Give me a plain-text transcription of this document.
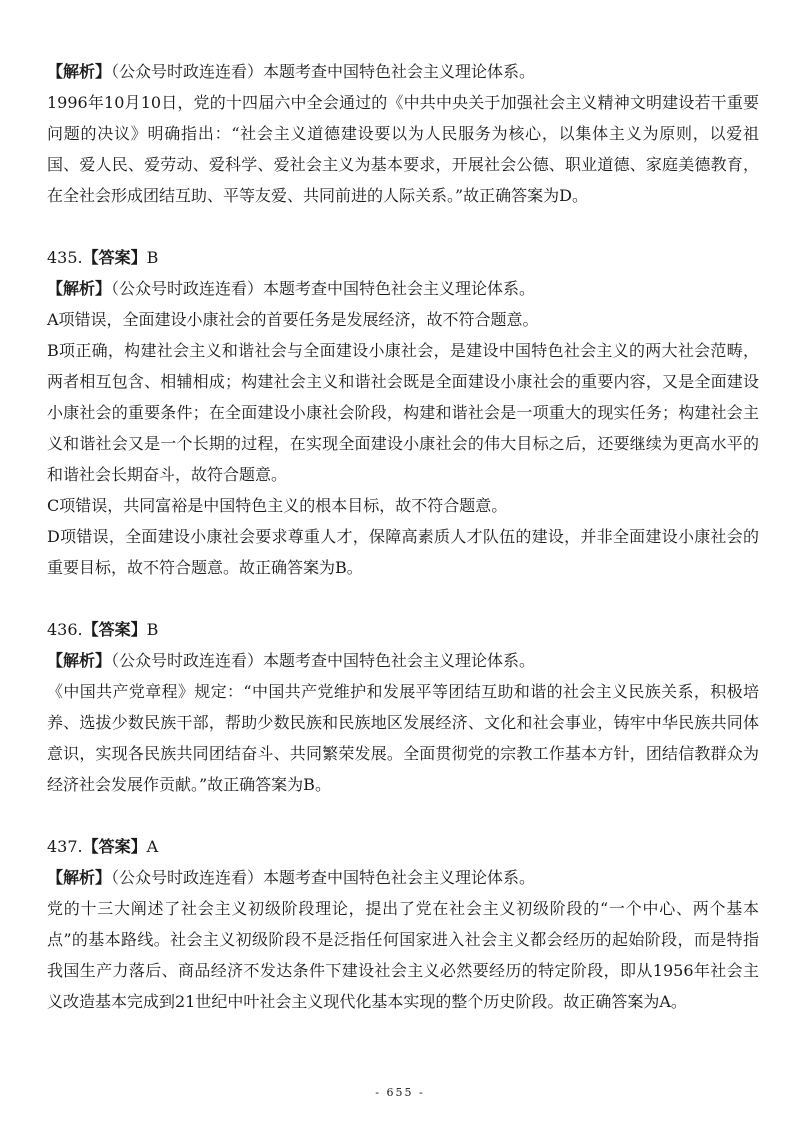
【解析】（公众号时政连连看）本题考查中国特色社会主义理论体系。

1996年10月10日，党的十四届六中全会通过的《中共中央关于加强社会主义精神文明建设若干重要问题的决议》明确指出：“社会主义道德建设要以为人民服务为核心，以集体主义为原则，以爱祖国、爱人民、爱劳动、爱科学、爱社会主义为基本要求，开展社会公德、职业道德、家庭美德教育，在全社会形成团结互助、平等友爱、共同前进的人际关系。”故正确答案为D。

435.【答案】B

【解析】（公众号时政连连看）本题考查中国特色社会主义理论体系。

A项错误，全面建设小康社会的首要任务是发展经济，故不符合题意。

B项正确，构建社会主义和谐社会与全面建设小康社会，是建设中国特色社会主义的两大社会范畴，两者相互包含、相辅相成；构建社会主义和谐社会既是全面建设小康社会的重要内容，又是全面建设小康社会的重要条件；在全面建设小康社会阶段，构建和谐社会是一项重大的现实任务；构建社会主义和谐社会又是一个长期的过程，在实现全面建设小康社会的伟大目标之后，还要继续为更高水平的和谐社会长期奋斗，故符合题意。

C项错误，共同富裕是中国特色主义的根本目标，故不符合题意。

D项错误，全面建设小康社会要求尊重人才，保障高素质人才队伍的建设，并非全面建设小康社会的重要目标，故不符合题意。故正确答案为B。

436.【答案】B

【解析】（公众号时政连连看）本题考查中国特色社会主义理论体系。

《中国共产党章程》规定：“中国共产党维护和发展平等团结互助和谐的社会主义民族关系，积极培养、选拔少数民族干部，帮助少数民族和民族地区发展经济、文化和社会事业，铸牢中华民族共同体意识，实现各民族共同团结奋斗、共同繁荣发展。全面贯彻党的宗教工作基本方针，团结信教群众为经济社会发展作贡献。”故正确答案为B。

437.【答案】A

【解析】（公众号时政连连看）本题考查中国特色社会主义理论体系。

党的十三大阐述了社会主义初级阶段理论，提出了党在社会主义初级阶段的“一个中心、两个基本点”的基本路线。社会主义初级阶段不是泛指任何国家进入社会主义都会经历的起始阶段，而是特指我国生产力落后、商品经济不发达条件下建设社会主义必然要经历的特定阶段，即从1956年社会主义改造基本完成到21世纪中叶社会主义现代化基本实现的整个历史阶段。故正确答案为A。

- 655 -
